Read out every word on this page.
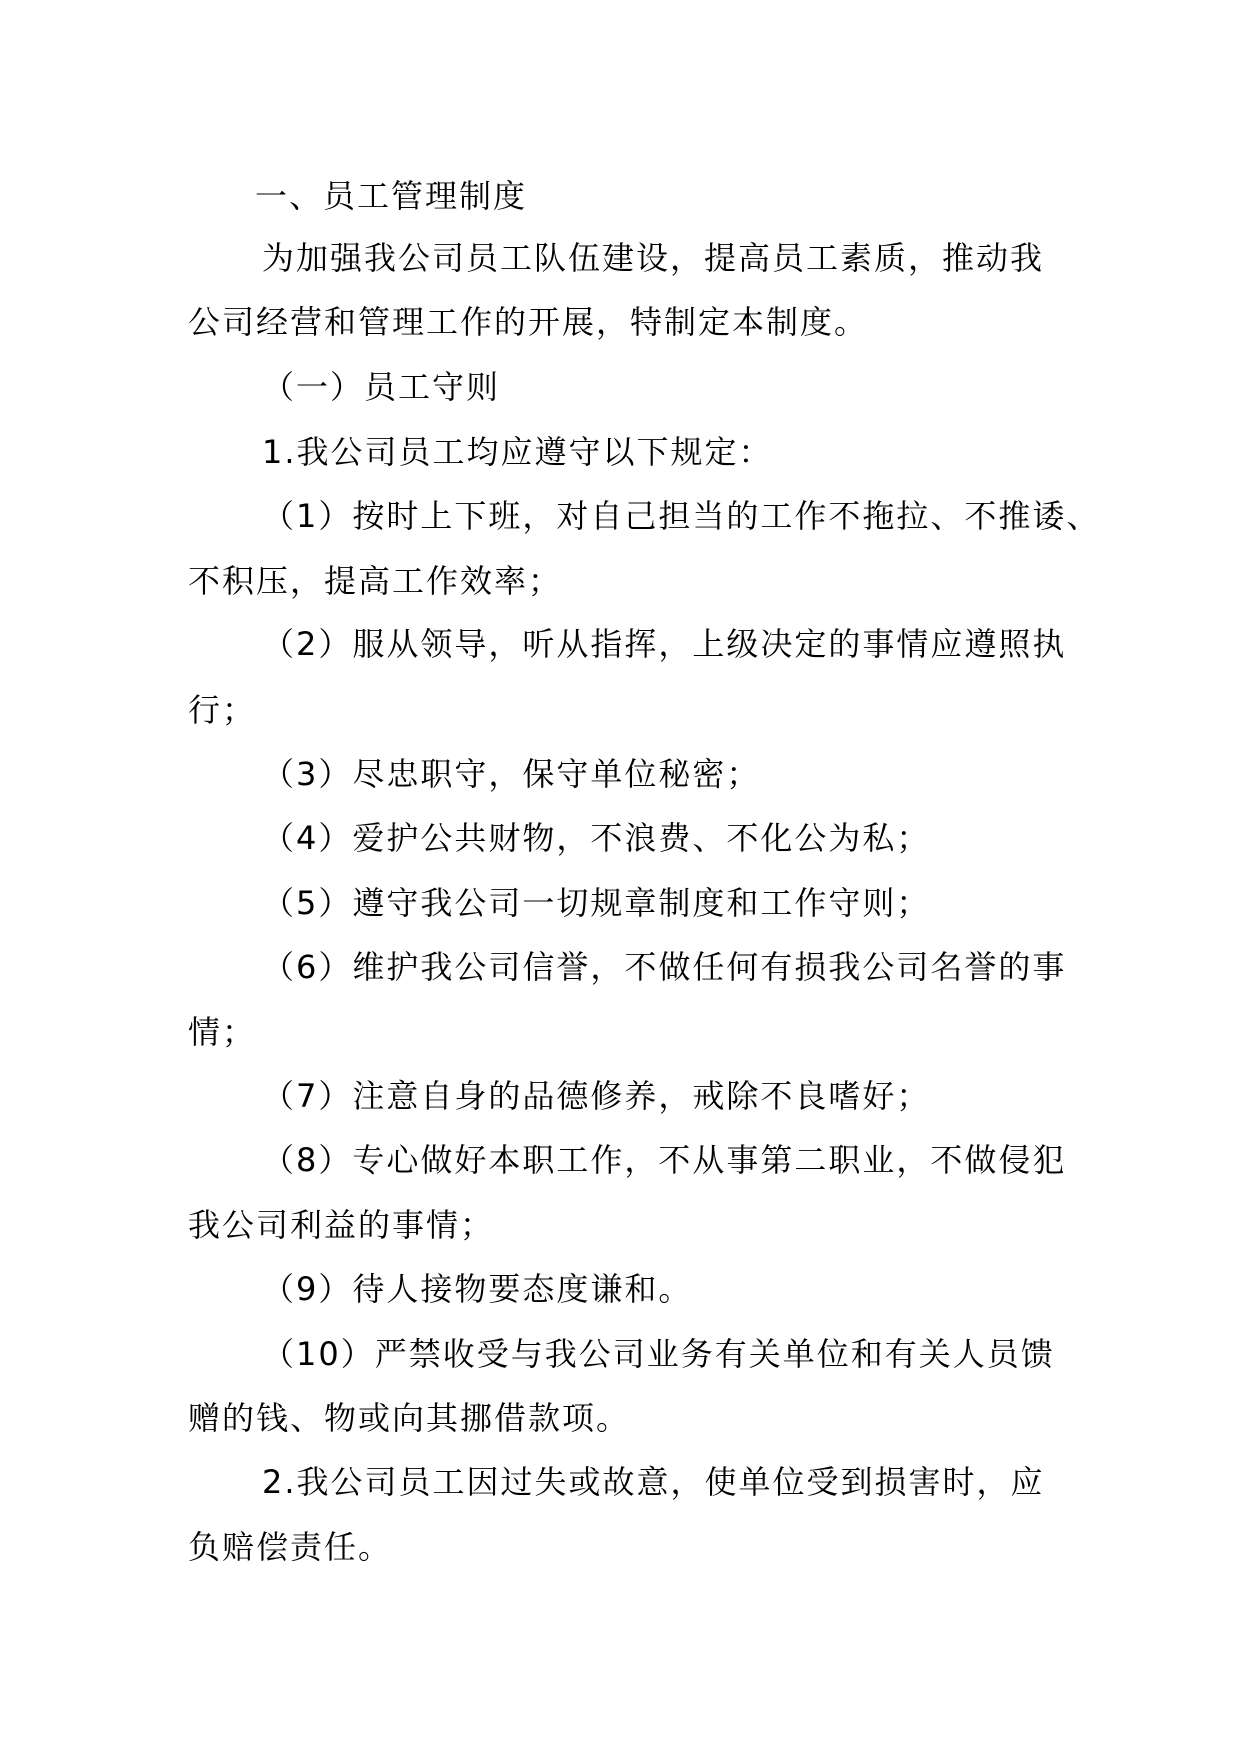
一、员工管理制度
为加强我公司员工队伍建设，提高员工素质，推动我
公司经营和管理工作的开展，特制定本制度。
（一）员工守则
1.我公司员工均应遵守以下规定：
（1）按时上下班，对自己担当的工作不拖拉、不推诿、
不积压，提高工作效率；
（2）服从领导，听从指挥，上级决定的事情应遵照执
行；
（3）尽忠职守，保守单位秘密；
（4）爱护公共财物，不浪费、不化公为私；
（5）遵守我公司一切规章制度和工作守则；
（6）维护我公司信誉，不做任何有损我公司名誉的事
情；
（7）注意自身的品德修养，戒除不良嗜好；
（8）专心做好本职工作，不从事第二职业，不做侵犯
我公司利益的事情；
（9）待人接物要态度谦和。
（10）严禁收受与我公司业务有关单位和有关人员馈
赠的钱、物或向其挪借款项。
2.我公司员工因过失或故意，使单位受到损害时，应
负赔偿责任。
